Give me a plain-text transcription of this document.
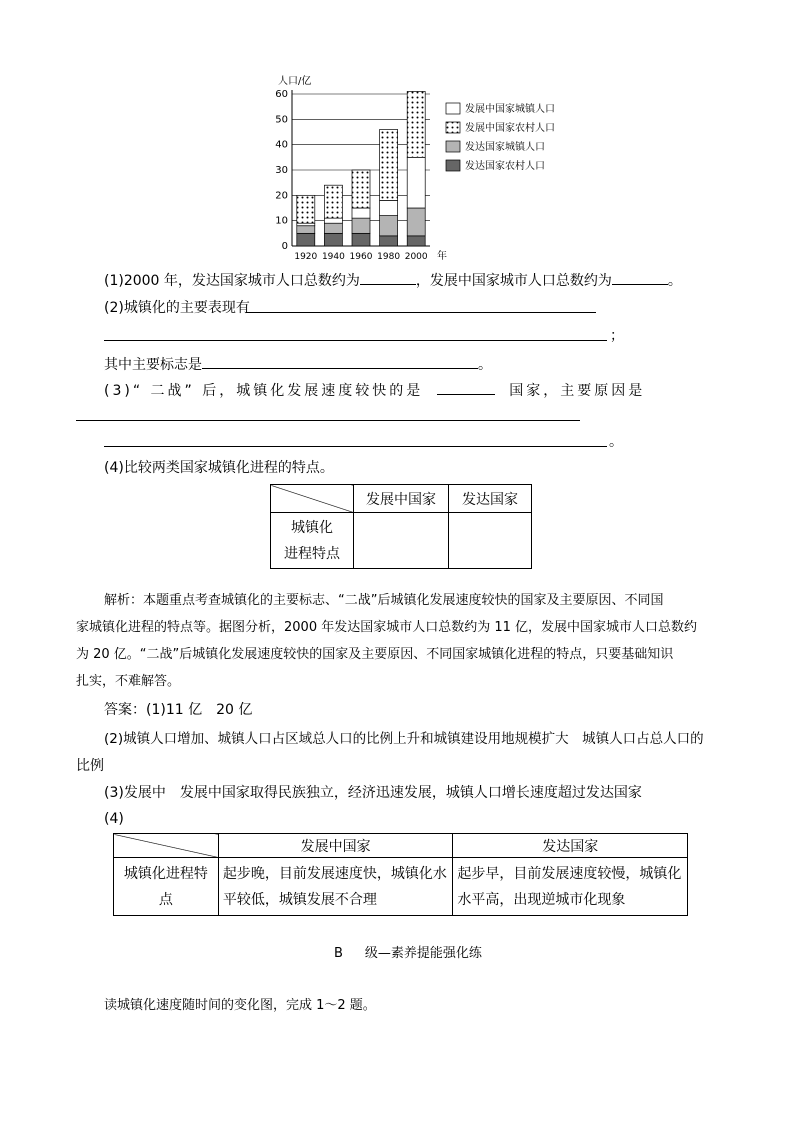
人口/亿
0
10
20
30
40
50
60
1920 1940 1960 1980 2000 年
发展中国家城镇人口
发展中国家农村人口
发达国家城镇人口
发达国家农村人口
(1)2000 年，发达国家城市人口总数约为	，发展中国家城市人口总数约为	。
(2)城镇化的主要表现有
；
其中主要标志是	。
(3)“ 二战” 后，城镇化发展速度较快的是	国家，主要原因是
。
(4)比较两类国家城镇化进程的特点。
	发展中国家	发达国家

城镇化
进程特点		

解析：本题重点考查城镇化的主要标志、“二战”后城镇化发展速度较快的国家及主要原因、不同国
家城镇化进程的特点等。据图分析，2000 年发达国家城市人口总数约为 11 亿，发展中国家城市人口总数约
为 20 亿。“二战”后城镇化发展速度较快的国家及主要原因、不同国家城镇化进程的特点，只要基础知识
扎实，不难解答。
答案：(1)11 亿　20 亿
(2)城镇人口增加、城镇人口占区域总人口的比例上升和城镇建设用地规模扩大　城镇人口占总人口的
比例
(3)发展中　发展中国家取得民族独立，经济迅速发展，城镇人口增长速度超过发达国家
(4)
	发展中国家	发达国家
城镇化进程特点	起步晚，目前发展速度快，城镇化水平较低，城镇发展不合理	起步早，目前发展速度较慢，城镇化水平高，出现逆城市化现象
B 级—素养提能强化练
读城镇化速度随时间的变化图，完成 1～2 题。
